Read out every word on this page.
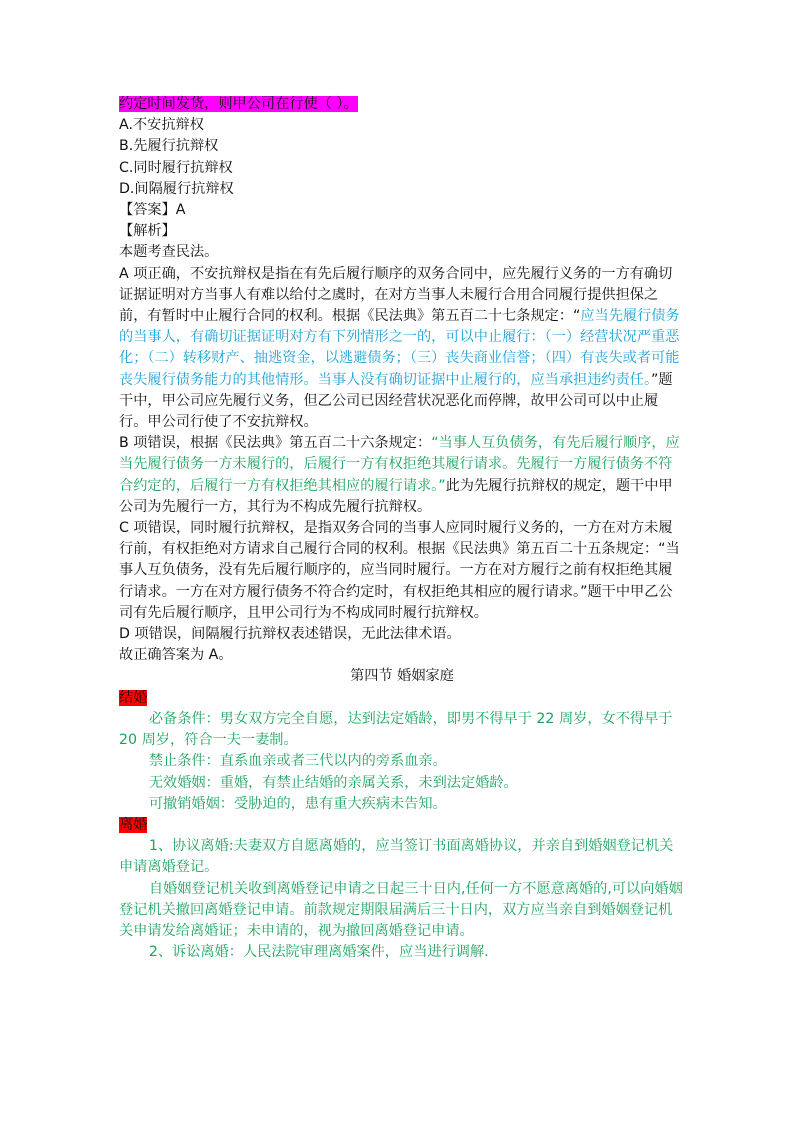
约定时间发货，则甲公司在行使（ ）。

A.不安抗辩权

B.先履行抗辩权

C.同时履行抗辩权

D.间隔履行抗辩权

【答案】A

【解析】

本题考查民法。

A 项正确，不安抗辩权是指在有先后履行顺序的双务合同中，应先履行义务的一方有确切证据证明对方当事人有难以给付之虞时，在对方当事人未履行合用合同履行提供担保之

前，有暂时中止履行合同的权利。根据《民法典》第五百二十七条规定：“应当先履行债务的当事人，有确切证据证明对方有下列情形之一的，可以中止履行：（一）经营状况严重恶化；（二）转移财产、抽逃资金，以逃避债务；（三）丧失商业信誉；（四）有丧失或者可能丧失履行债务能力的其他情形。当事人没有确切证据中止履行的，应当承担违约责任。”题干中，甲公司应先履行义务，但乙公司已因经营状况恶化而停牌，故甲公司可以中止履行。甲公司行使了不安抗辩权。

B 项错误，根据《民法典》第五百二十六条规定：“当事人互负债务，有先后履行顺序，应当先履行债务一方未履行的，后履行一方有权拒绝其履行请求。先履行一方履行债务不符合约定的，后履行一方有权拒绝其相应的履行请求。”此为先履行抗辩权的规定，题干中甲公司为先履行一方，其行为不构成先履行抗辩权。

C 项错误，同时履行抗辩权，是指双务合同的当事人应同时履行义务的，一方在对方未履行前，有权拒绝对方请求自己履行合同的权利。根据《民法典》第五百二十五条规定：“当

事人互负债务，没有先后履行顺序的，应当同时履行。一方在对方履行之前有权拒绝其履行请求。一方在对方履行债务不符合约定时，有权拒绝其相应的履行请求。”题干中甲乙公司有先后履行顺序，且甲公司行为不构成同时履行抗辩权。

D 项错误，间隔履行抗辩权表述错误，无此法律术语。

故正确答案为 A。

第四节 婚姻家庭

结婚

必备条件：男女双方完全自愿，达到法定婚龄，即男不得早于 22 周岁，女不得早于 20 周岁，符合一夫一妻制。

禁止条件：直系血亲或者三代以内的旁系血亲。

无效婚姻：重婚，有禁止结婚的亲属关系，未到法定婚龄。

可撤销婚姻：受胁迫的，患有重大疾病未告知。

离婚

1、协议离婚:夫妻双方自愿离婚的，应当签订书面离婚协议，并亲自到婚姻登记机关申请离婚登记。

自婚姻登记机关收到离婚登记申请之日起三十日内,任何一方不愿意离婚的,可以向婚姻登记机关撤回离婚登记申请。前款规定期限届满后三十日内，双方应当亲自到婚姻登记机关申请发给离婚证；未申请的，视为撤回离婚登记申请。

2、诉讼离婚：人民法院审理离婚案件，应当进行调解.
